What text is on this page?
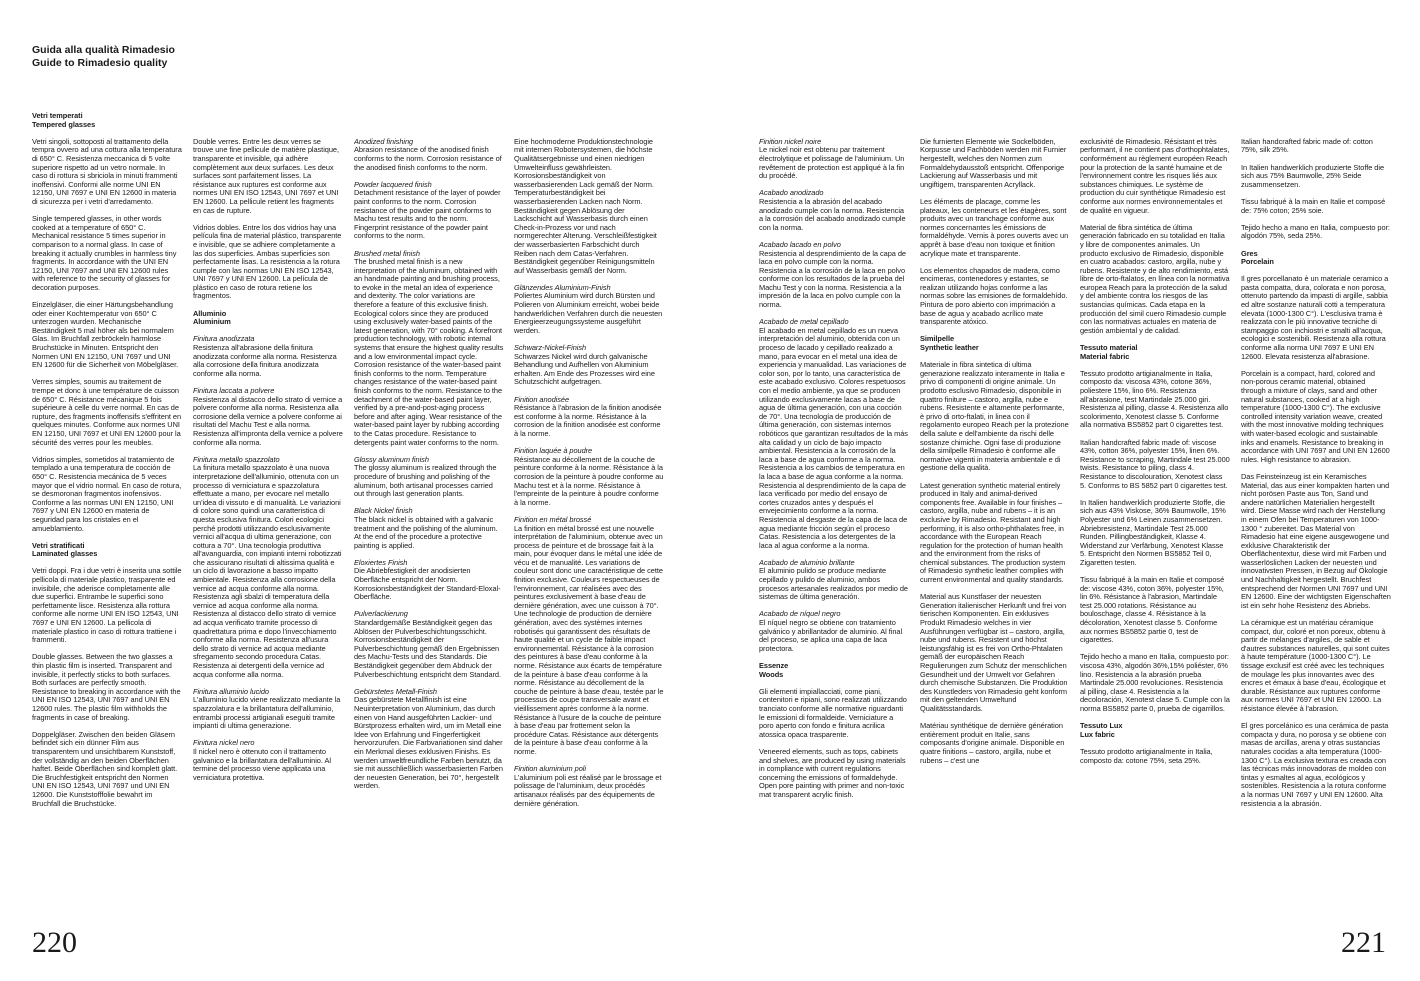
Guida alla qualità Rimadesio
Guide to Rimadesio quality
Vetri temperati
Tempered glasses

Vetri singoli, sottoposti al trattamento della tempra ovvero ad una cottura alla temperatura di 650° C. Resistenza meccanica di 5 volte superiore rispetto ad un vetro normale. In caso di rottura si sbriciola in minuti frammenti inoffensivi. Conformi alle norme UNI EN 12150, UNI 7697 e UNI EN 12600 in materia di sicurezza per i vetri d'arredamento.

Single tempered glasses, in other words cooked at a temperature of 650° C. Mechanical resistance 5 times superior in comparison to a normal glass. In case of breaking it actually crumbles in harmless tiny fragments. In accordance with the UNI EN 12150, UNI 7697 and UNI EN 12600 rules with reference to the security of glasses for decoration purposes.

Einzelgläser, die einer Härtungsbehandlung oder einer Kochtemperatur von 650° C unterzogen wurden. Mechanische Beständigkeit 5 mal höher als bei normalem Glas. Im Bruchfall zerbröckeln harmlose Bruchstücke in Minuten. Entspricht den Normen UNI EN 12150, UNI 7697 und UNI EN 12600 für die Sicherheit von Möbelgläser.

Verres simples, soumis au traitement de trempe et donc à une température de cuisson de 650° C. Résistance mécanique 5 fois supérieure à celle du verre normal. En cas de rupture, des fragments inoffensifs s'effritent en quelques minutes. Conforme aux normes UNI EN 12150, UNI 7697 et UNI EN 12600 pour la sécurité des verres pour les meubles.

Vidrios simples, sometidos al tratamiento de templado a una temperatura de cocción de 650° C. Resistencia mecánica de 5 veces mayor que el vidrio normal. En caso de rotura, se desmoronan fragmentos inofensivos. Conforme a las normas UNI EN 12150, UNI 7697 y UNI EN 12600 en materia de seguridad para los cristales en el amueblamiento.

Vetri stratificati
Laminated glasses

Vetri doppi. Fra i due vetri è inserita una sottile pellicola di materiale plastico, trasparente ed invisibile, che aderisce completamente alle due superfici. Entrambe le superfici sono perfettamente lisce. Resistenza alla rottura conforme alle norme UNI EN ISO 12543, UNI 7697 e UNI EN 12600. La pellicola di materiale plastico in caso di rottura trattiene i frammenti.

Double glasses. Between the two glasses a thin plastic film is inserted. Transparent and invisible, it perfectly sticks to both surfaces. Both surfaces are perfectly smooth. Resistance to breaking in accordance with the UNI EN ISO 12543, UNI 7697 and UNI EN 12600 rules. The plastic film withholds the fragments in case of breaking.

Doppelgläser. Zwischen den beiden Gläsern befindet sich ein dünner Film aus transparentem und unsichtbarem Kunststoff, der vollständig an den beiden Oberflächen haftet. Beide Oberflächen sind komplett glatt. Die Bruchfestigkeit entspricht den Normen UNI EN ISO 12543, UNI 7697 und UNI EN 12600. Die Kunststofffolie bewahrt im Bruchfall die Bruchstücke.

Double verres. Entre les deux verres se trouve une fine pellicule de matière plastique, transparente et invisible, qui adhère complètement aux deux surfaces. Les deux surfaces sont parfaitement lisses. La résistance aux ruptures est conforme aux normes UNI EN ISO 12543, UNI 7697 et UNI EN 12600. La pellicule retient les fragments en cas de rupture.

Vidrios dobles. Entre los dos vidrios hay una película fina de material plástico, transparente e invisible, que se adhiere completamente a las dos superficies. Ambas superficies son perfectamente lisas. La resistencia a la rotura cumple con las normas UNI EN ISO 12543, UNI 7697 y UNI EN 12600. La película de plástico en caso de rotura retiene los fragmentos.

Alluminio
Aluminium
Finitura anodizzata

Resistenza all'abrasione della finitura anodizzata conforme alla norma. Resistenza alla corrosione della finitura anodizzata conforme alla norma.

Finitura laccata a polvere

Resistenza al distacco dello strato di vernice a polvere conforme alla norma. Resistenza alla corrosione della vernice a polvere conforme ai risultati del Machu Test e alla norma. Resistenza all'impronta della vernice a polvere conforme alla norma.

Finitura metallo spazzolato

La finitura metallo spazzolato è una nuova interpretazione dell'alluminio, ottenuta con un processo di verniciatura e spazzolatura effettuate a mano, per evocare nel metallo un'idea di vissuto e di manualità. Le variazioni di colore sono quindi una caratteristica di questa esclusiva finitura. Colori ecologici perché prodotti utilizzando esclusivamente vernici all'acqua di ultima generazione, con cottura a 70°. Una tecnologia produttiva all'avanguardia, con impianti interni robotizzati che assicurano risultati di altissima qualità e un ciclo di lavorazione a basso impatto ambientale. Resistenza alla corrosione della vernice ad acqua conforme alla norma. Resistenza agli sbalzi di temperatura della vernice ad acqua conforme alla norma. Resistenza al distacco dello strato di vernice ad acqua verificato tramite processo di quadrettatura prima e dopo l'invecchiamento conforme alla norma. Resistenza all'usura dello strato di vernice ad acqua mediante sfregamento secondo procedura Catas. Resistenza ai detergenti della vernice ad acqua conforme alla norma.

Finitura alluminio lucido

L'alluminio lucido viene realizzato mediante la spazzolatura e la brillantatura dell'alluminio, entrambi processi artigianali eseguiti tramite impianti di ultima generazione.

Finitura nickel nero

Il nickel nero è ottenuto con il trattamento galvanico e la brillantatura dell'alluminio. Al termine del processo viene applicata una verniciatura protettiva.

Anodized finishing

Abrasion resistance of the anodised finish conforms to the norm. Corrosion resistance of the anodised finish conforms to the norm.

Powder lacquered finish

Detachment resistance of the layer of powder paint conforms to the norm. Corrosion resistance of the powder paint conforms to Machu test results and to the norm. Fingerprint resistance of the powder paint conforms to the norm.

Brushed metal finish

The brushed metal finish is a new interpretation of the aluminum, obtained with an handmade painting and brushing process, to evoke in the metal an idea of experience and dexterity. The color variations are therefore a feature of this exclusive finish. Ecological colors since they are produced using exclusively water-based paints of the latest generation, with 70° cooking. A forefront production technology, with robotic internal systems that ensure the highest quality results and a low environmental impact cycle. Corrosion resistance of the water-based paint finish conforms to the norm. Temperature changes resistance of the water-based paint finish conforms to the norm. Resistance to the detachment of the water-based paint layer, verified by a pre-and-post-aging process before and after aging. Wear resistance of the water-based paint layer by rubbing according to the Catas procedure. Resistance to detergents paint water conforms to the norm.

Glossy aluminum finish

The glossy aluminum is realized through the procedure of brushing and polishing of the aluminum, both artisanal processes carried out through last generation plants.

Black Nickel finish

The black nickel is obtained with a galvanic treatment and the polishing of the aluminum. At the end of the procedure a protective painting is applied.

Eloxiertes Finish

Die Abriebfestigkeit der anodisierten Oberfläche entspricht der Norm. Korrosionsbeständigkeit der Standard-Eloxal-Oberfläche.

Pulverlackierung

Standardgemäße Beständigkeit gegen das Ablösen der Pulverbeschichtungsschicht. Korrosionsbeständigkeit der Pulverbeschichtung gemäß den Ergebnissen des Machu-Tests und des Standards. Die Beständigkeit gegenüber dem Abdruck der Pulverbeschichtung entspricht dem Standard.

Gebürstetes Metall-Finish

Das gebürstete Metallfinish ist eine Neuinterpretation von Aluminium, das durch einen von Hand ausgeführten Lackier- und Bürstprozess erhalten wird, um im Metall eine Idee von Erfahrung und Fingerfertigkeit hervorzurufen. Die Farbvariationen sind daher ein Merkmal dieses exklusiven Finishs. Es werden umweltfreundliche Farben benutzt, da sie mit ausschließlich wasserbasierten Farben der neuesten Generation, bei 70°, hergestellt werden.

Eine hochmoderne Produktionstechnologie mit internen Robotersystemen, die höchste Qualitätsergebnisse und einen niedrigen Umwelteinfluss gewährleisten. Korrosionsbeständigkeit von wasserbasierenden Lack gemäß der Norm. Temperaturbeständigkeit bei wasserbasierenden Lacken nach Norm. Beständigkeit gegen Ablösung der Lackschicht auf Wasserbasis durch einen Check-in-Prozess vor und nach normgerechter Alterung. Verschleißfestigkeit der wasserbasierten Farbschicht durch Reiben nach dem Catas-Verfahren. Beständigkeit gegenüber Reinigungsmitteln auf Wasserbasis gemäß der Norm.

Glänzendes Aluminium-Finish

Poliertes Aluminium wird durch Bürsten und Polieren von Aluminium erreicht, wobei beide handwerklichen Verfahren durch die neuesten Energieerzeugungssysteme ausgeführt werden.

Schwarz-Nickel-Finish

Schwarzes Nickel wird durch galvanische Behandlung und Aufhellen von Aluminium erhalten. Am Ende des Prozesses wird eine Schutzschicht aufgetragen.

Finition anodisée

Résistance à l'abrasion de la finition anodisée est conforme à la norme. Résistance à la corrosion de la finition anodisée est conforme à la norme.

Finition laquée à poudre

Résistance au décollement de la couche de peinture conforme à la norme. Résistance à la corrosion de la peinture à poudre conforme au Machu test et à la norme. Résistance à l'empreinte de la peinture à poudre conforme à la norme.

Finition en métal brossé

La finition en métal brossé est une nouvelle interprétation de l'aluminium, obtenue avec un process de peinture et de brossage fait à la main, pour évoquer dans le métal une idée de vécu et de manualité. Les variations de couleur sont donc une caractéristique de cette finition exclusive. Couleurs respectueuses de l'environnement, car réalisées avec des peintures exclusivement à base d'eau de dernière génération, avec une cuisson à 70°. Une technologie de production de dernière génération, avec des systèmes internes robotisés qui garantissent des résultats de haute qualité et un cycle de faible impact environnemental. Résistance à la corrosion des peintures à base d'eau conforme à la norme. Résistance aux écarts de température de la peinture à base d'eau conforme à la norme. Résistance au décollement de la couche de peinture à base d'eau, testée par le processus de coupe transversale avant et vieillissement après conforme à la norme. Résistance à l'usure de la couche de peinture à base d'eau par frottement selon la procédure Catas. Résistance aux détergents de la peinture à base d'eau conforme à la norme.

Finition aluminium poli

L'aluminium poli est réalisé par le brossage et polissage de l'aluminium, deux procédés artisanaux réalisés par des équipements de dernière génération.

Finition nickel noire

Le nickel noir est obtenu par traitement électrolytique et polissage de l'aluminium. Un revêtement de protection est appliqué à la fin du procédé.

Acabado anodizado

Resistencia a la abrasión del acabado anodizado cumple con la norma. Resistencia a la corrosión del acabado anodizado cumple con la norma.

Acabado lacado en polvo

Resistencia al desprendimiento de la capa de laca en polvo cumple con la norma. Resistencia a la corrosión de la laca en polvo conforme con los resultados de la prueba del Machu Test y con la norma. Resistencia a la impresión de la laca en polvo cumple con la norma.

Acabado de metal cepillado

El acabado en metal cepillado es un nueva interpretación del aluminio, obtenida con un proceso de lacado y cepillado realizado a mano, para evocar en el metal una idea de experiencia y manualidad. Las variaciones de color son, por lo tanto, una característica de este acabado exclusivo. Colores respetuosos con el medio ambiente, ya que se producen utilizando exclusivamente lacas a base de agua de última generación, con una cocción de 70°. Una tecnología de producción de última generación, con sistemas internos robóticos que garantizan resultados de la más alta calidad y un ciclo de bajo impacto ambiental. Resistencia a la corrosión de la laca a base de agua conforme a la norma. Resistencia a los cambios de temperatura en la laca a base de agua conforme a la norma. Resistencia al desprendimiento de la capa de laca verificado por medio del ensayo de cortes cruzados antes y después el envejecimiento conforme a la norma. Resistencia al desgaste de la capa de laca de agua mediante fricción según el proceso Catas. Resistencia a los detergentes de la laca al agua conforme a la norma.

Acabado de aluminio brillante

El aluminio pulido se produce mediante cepillado y pulido de aluminio, ambos procesos artesanales realizados por medio de sistemas de última generación.

Acabado de níquel negro

El níquel negro se obtiene con tratamiento galvánico y abrillantador de aluminio. Al final del proceso, se aplica una capa de laca protectora.

Essenze
Woods

Gli elementi impiallacciati, come piani, contenitori e ripiani, sono realizzati utilizzando tranciato conforme alle normative riguardanti le emissioni di formaldeide. Verniciature a poro aperto con fondo e finitura acrilica atossica opaca trasparente.

Veneered elements, such as tops, cabinets and shelves, are produced by using materials in compliance with current regulations concerning the emissions of formaldehyde. Open pore painting with primer and non-toxic mat transparent acrylic finish.

Die furnierten Elemente wie Sockelböden, Korpusse und Fachböden werden mit Furnier hergestellt, welches den Normen zum Formaldehydausstoß entspricht. Offenporige Lackierung auf Wasserbasis und mit ungiftigem, transparenten Acryllack.

Les éléments de placage, comme les plateaux, les conteneurs et les étagères, sont produits avec un tranchage conforme aux normes concernantes les émissions de formaldéhyde. Vernis à pores ouverts avec un apprêt à base d'eau non toxique et finition acrylique mate et transparente.

Los elementos chapados de madera, como encimeras, contenedores y estantes, se realizan utilizando hojas conforme a las normas sobre las emisiones de formaldehído. Pintura de poro abierto con imprimación a base de agua y acabado acrílico mate transparente atóxico.

Similpelle
Synthetic leather

Materiale in fibra sintetica di ultima generazione realizzato interamente in Italia e privo di componenti di origine animale. Un prodotto esclusivo Rimadesio, disponibile in quattro finiture – castoro, argilla, nube e rubens. Resistente e altamente performante, è privo di orto-ftalati, in linea con il regolamento europeo Reach per la protezione della salute e dell'ambiente da rischi delle sostanze chimiche. Ogni fase di produzione della similpelle Rimadesio è conforme alle normative vigenti in materia ambientale e di gestione della qualità.

Latest generation synthetic material entirely produced in Italy and animal-derived components free. Available in four finishes – castoro, argilla, nube and rubens – it is an exclusive by Rimadesio. Resistant and high performing, it is also ortho-phthalates free, in accordance with the European Reach regulation for the protection of human health and the environment from the risks of chemical substances. The production system of Rimadesio synthetic leather complies with current environmental and quality standards.

Material aus Kunstfaser der neuesten Generation italienischer Herkunft und frei von tierischen Komponenten. Ein exklusives Produkt Rimadesio welches in vier Ausführungen verfügbar ist – castoro, argilla, nube und rubens. Resistent und höchst leistungsfähig ist es frei von Ortho-Phtalaten gemäß der europäischen Reach Regulierungen zum Schutz der menschlichen Gesundheit und der Umwelt vor Gefahren durch chemische Substanzen. Die Produktion des Kunstleders von Rimadesio geht konform mit den geltenden Umweltund Qualitätsstandards.

Matériau synthétique de dernière génération entièrement produit en Italie, sans composants d'origine animale. Disponible en quatre finitions – castoro, argilla, nube et rubens – c'est une

exclusivité de Rimadesio. Résistant et très performant, il ne contient pas d'orthophtalates, conformément au règlement européen Reach pour la protection de la santé humaine et de l'environnement contre les risques liés aux substances chimiques. Le système de production du cuir synthétique Rimadesio est conforme aux normes environnementales et de qualité en vigueur.

Material de fibra sintética de última generación fabricado en su totalidad en Italia y libre de componentes animales. Un producto exclusivo de Rimadesio, disponible en cuatro acabados: castoro, argilla, nube y rubens. Resistente y de alto rendimiento, está libre de orto-ftalatos, en línea con la normativa europea Reach para la protección de la salud y del ambiente contra los riesgos de las sustancias químicas. Cada etapa en la producción del simil cuero Rimadesio cumple con las normativas actuales en materia de gestión ambiental y de calidad.

Tessuto material
Material fabric

Tessuto prodotto artigianalmente in Italia, composto da: viscosa 43%, cotone 36%, poliestere 15%, lino 6%. Resistenza all'abrasione, test Martindale 25.000 giri. Resistenza al pilling, classe 4. Resistenza allo scolorimento, Xenotest classe 5. Conforme alla normativa BS5852 part 0 cigarettes test.

Italian handcrafted fabric made of: viscose 43%, cotton 36%, polyester 15%, linen 6%. Resistance to scraping, Martindale test 25.000 twists. Resistance to piling, class 4. Resistance to discolouration, Xenotest class 5. Conforms to BS 5852 part 0 cigarettes test.

In Italien handwerklich produzierte Stoffe, die sich aus 43% Viskose, 36% Baumwolle, 15% Polyester und 6% Leinen zusammensetzen. Abriebresistenz, Martindale Test 25.000 Runden. Pillingbeständigkeit, Klasse 4. Widerstand zur Verfärbung, Xenotest Klasse 5. Entspricht den Normen BS5852 Teil 0, Zigaretten testen.

Tissu fabriqué à la main en Italie et composé de: viscose 43%, coton 36%, polyester 15%, lin 6%. Résistance à l'abrasion, Martindale test 25.000 rotations. Résistance au bouloschage, classe 4. Résistance à la décoloration, Xenotest classe 5. Conforme aux normes BS5852 partie 0, test de cigarettes.

Tejido hecho a mano en Italia, compuesto por: viscosa 43%, algodón 36%,15% poliéster, 6% lino. Resistencia a la abrasión prueba Martindale 25.000 revoluciones. Resistencia al pilling, clase 4. Resistencia a la decoloración, Xenotest clase 5. Cumple con la norma BS5852 parte 0, prueba de cigarrillos.

Tessuto Lux
Lux fabric

Tessuto prodotto artigianalmente in Italia, composto da: cotone 75%, seta 25%.

Italian handcrafted fabric made of: cotton 75%, silk 25%.

In Italien handwerklich produzierte Stoffe die sich aus 75% Baumwolle, 25% Seide zusammensetzen.

Tissu fabriqué à la main en Italie et composé de: 75% coton; 25% soie.

Tejido hecho a mano en Italia, compuesto por: algodón 75%, seda 25%.

Gres
Porcelain

Il gres porcellanato è un materiale ceramico a pasta compatta, dura, colorata e non porosa, ottenuto partendo da impasti di argille, sabbia ed altre sostanze naturali cotti a temperatura elevata (1000-1300 C°). L'esclusiva trama è realizzata con le più innovative tecniche di stampaggio con inchiostri e smalti all'acqua, ecologici e sostenibili. Resistenza alla rottura conforme alla norma UNI 7697 E UNI EN 12600. Elevata resistenza all'abrasione.

Porcelain is a compact, hard, colored and non-porous ceramic material, obtained through a mixture of clays, sand and other natural substances, cooked at a high temperature (1000-1300 C°). The exclusive controlled intensity variation weave, created with the most innovative molding techniques with water-based ecologic and sustainable inks and enamels. Resistance to breaking in accordance with UNI 7697 and UNI EN 12600 rules. High resistance to abrasion.

Das Feinsteinzeug ist ein Keramisches Material, das aus einer kompakten harten und nicht porösen Paste aus Ton, Sand und andere natürlichen Materialien hergestellt wird. Diese Masse wird nach der Herstellung in einem Ofen bei Temperaturen von 1000-1300 ° zubereitet. Das Material von Rimadesio hat eine eigene ausgewogene und exklusive Charakteristik der Oberflächentextur, diese wird mit Farben und wasserlöslichen Lacken der neuesten und innovativsten Pressen, in Bezug auf Ökologie und Nachhaltigkeit hergestellt. Bruchfest entsprechend der Normen UNI 7697 und UNI EN 12600. Eine der wichtigsten Eigenschaften ist ein sehr hohe Resistenz des Abriebs.

La céramique est un matériau céramique compact, dur, coloré et non poreux, obtenu à partir de mélanges d'argiles, de sable et d'autres substances naturelles, qui sont cuites à haute température (1000-1300 C°). Le tissage exclusif est créé avec les techniques de moulage les plus innovantes avec des encres et émaux à base d'eau, écologique et durable. Résistance aux ruptures conforme aux normes UNI 7697 et UNI EN 12600. La résistance élevée à l'abrasion.

El gres porcelánico es una cerámica de pasta compacta y dura, no porosa y se obtiene con masas de arcillas, arena y otras sustancias naturales cocidas a alta temperatura (1000-1300 C°). La exclusiva textura es creada con las técnicas más innovadoras de moldeo con tintas y esmaltes al agua, ecológicos y sostenibles. Resistencia a la rotura conforme a la normas UNI 7697 y UNI EN 12600. Alta resistencia a la abrasión.

220	221
